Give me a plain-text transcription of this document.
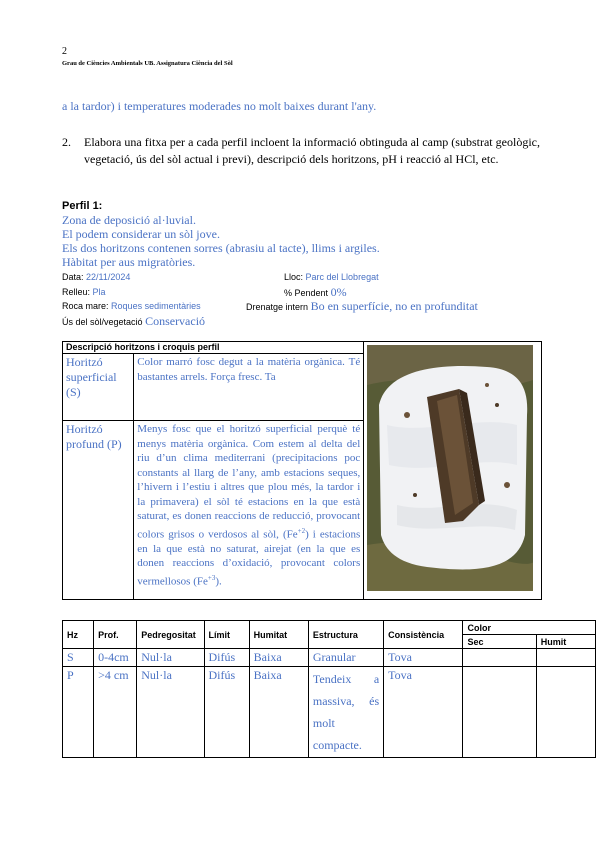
2
Grau de Ciències Ambientals UB. Assignatura Ciència del Sòl
a la tardor) i temperatures moderades no molt baixes durant l'any.
2. Elabora una fitxa per a cada perfil incloent la informació obtinguda al camp (substrat geològic, vegetació, ús del sòl actual i previ), descripció dels horitzons, pH i reacció al HCl, etc.
Perfil 1:
Zona de deposició al·luvial.
El podem considerar un sòl jove.
Els dos horitzons contenen sorres (abrasiu al tacte), llims i argiles.
Hàbitat per aus migratòries.
Data: 22/11/2024	Lloc: Parc del Llobregat
Relleu: Pla	% Pendent 0%
Roca mare: Roques sedimentàries	Drenatge intern Bo en superfície, no en profunditat
Ús del sòl/vegetació Conservació
Descripció horitzons i croquis perfil	
Horitzó superficial (S)	Color marró fosc degut a la matèria orgànica. Té bastantes arrels. Força fresc. Ta	
Horitzó profund (P)	Menys fosc que el horitzó superficial perquè té menys matèria orgànica. Com estem al delta del riu d’un clima mediterrani (precipitacions poc constants al llarg de l’any, amb estacions seques, l’hivern i l’estiu i altres que plou més, la tardor i la primavera) el sòl té estacions en la que està saturat, es donen reaccions de reducció, provocant colors grisos o verdosos al sòl, $(Fe^{+2})$ i estacions en la que està no saturat, airejat (en la que es donen reaccions d’oxidació, provocant colors vermellosos $(Fe^{+3})$.	
Hz	Prof.	Pedregositat	Límit	Humitat	Estructura	Consistència	Color	
							Sec	Humit
S	0-4cm	Nul·la	Difús	Baixa	Granular	Tova		
P	>4 cm	Nul·la	Difús	Baixa	Tendeix a massiva, és molt compacte.	Tova		
